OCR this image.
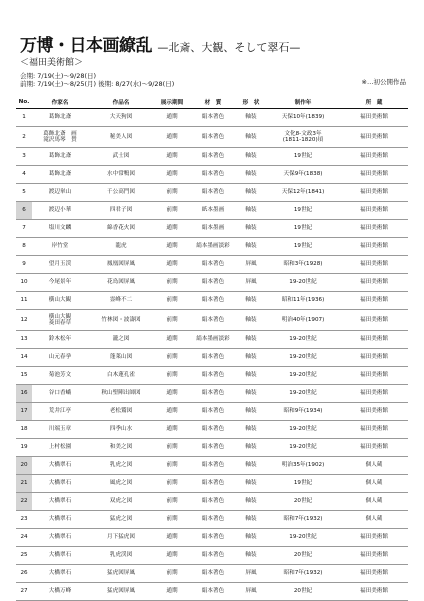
万博・日本画繚乱 —北斎、大観、そして翠石—
＜福田美術館＞
会期: 7/19(土)～9/28(日)
前期: 7/19(土)～8/25(月) 後期: 8/27(水)～9/28(日)	※…初公開作品
No.	作家名	作品名	展示期間	材　質	形　状	制作年	所　蔵
1	葛飾北斎	大天狗図	通期	絹本著色	軸装	天保10年(1839)	福田美術館
2	葛飾北斎　画
滝沢馬琴　賛	秘美人図	通期	絹本著色	軸装	文化8-文政3年
(1811-1820)頃	福田美術館
3	葛飾北斎	武士図	通期	絹本著色	軸装	19世紀	福田美術館
4	葛飾北斎	水中常鴨図	通期	絹本著色	軸装	天保9年(1838)	福田美術館
5	渡辺崋山	千公高門図	前期	絹本著色	軸装	天保12年(1841)	福田美術館
6	渡辺小華	四君子図	前期	紙本墨画	軸装	19世紀	福田美術館
7	塩川文麟	綿香花火図	通期	絹本墨画	軸装	19世紀	福田美術館
8	岸竹堂	龍虎	通期	絹本墨画淡彩	軸装	19世紀	福田美術館
9	望月玉渓	鳳凰図屏風	通期	絹本著色	屏風	昭和3年(1928)	福田美術館
10	今尾景年	花鳥図屏風	前期	絹本著色	屏風	19-20世紀	福田美術館
11	横山大観	霊峰不二	前期	絹本著色	軸装	昭和11年(1936)	福田美術館
12	横山大観
菱田春草	竹林図・波濤図	前期	絹本著色	軸装	明治40年(1907)	福田美術館
13	鈴木松年	瀧之図	通期	絹本墨画淡彩	軸装	19-20世紀	福田美術館
14	山元春挙	蓬莱山図	前期	絹本著色	軸装	19-20世紀	福田美術館
15	菊池芳文	白木蓮孔雀	前期	絹本著色	軸装	19-20世紀	福田美術館
16	谷口香嶠	秋山聖陣出師図	通期	絹本著色	軸装	19-20世紀	福田美術館
17	荒井江亭	老松鷲図	通期	絹本著色	軸装	昭和9年(1934)	福田美術館
18	川端玉章	四季山水	通期	絹本著色	軸装	19-20世紀	福田美術館
19	上村松園	和美之図	前期	絹本著色	軸装	19-20世紀	福田美術館
20	大橋翠石	乳虎之図	前期	絹本著色	軸装	明治35年(1902)	個人蔵
21	大橋翠石	風虎之図	前期	絹本著色	軸装	19世紀	個人蔵
22	大橋翠石	双虎之図	前期	絹本著色	軸装	20世紀	個人蔵
23	大橋翠石	猛虎之図	前期	絹本著色	軸装	昭和7年(1932)	個人蔵
24	大橋翠石	月下猛虎図	通期	絹本著色	軸装	19-20世紀	福田美術館
25	大橋翠石	乳虎渓図	通期	絹本著色	軸装	20世紀	福田美術館
26	大橋翠石	猛虎図屏風	前期	絹本著色	屏風	昭和7年(1932)	福田美術館
27	大橋万峰	猛虎図屏風	通期	絹本著色	屏風	20世紀	福田美術館
